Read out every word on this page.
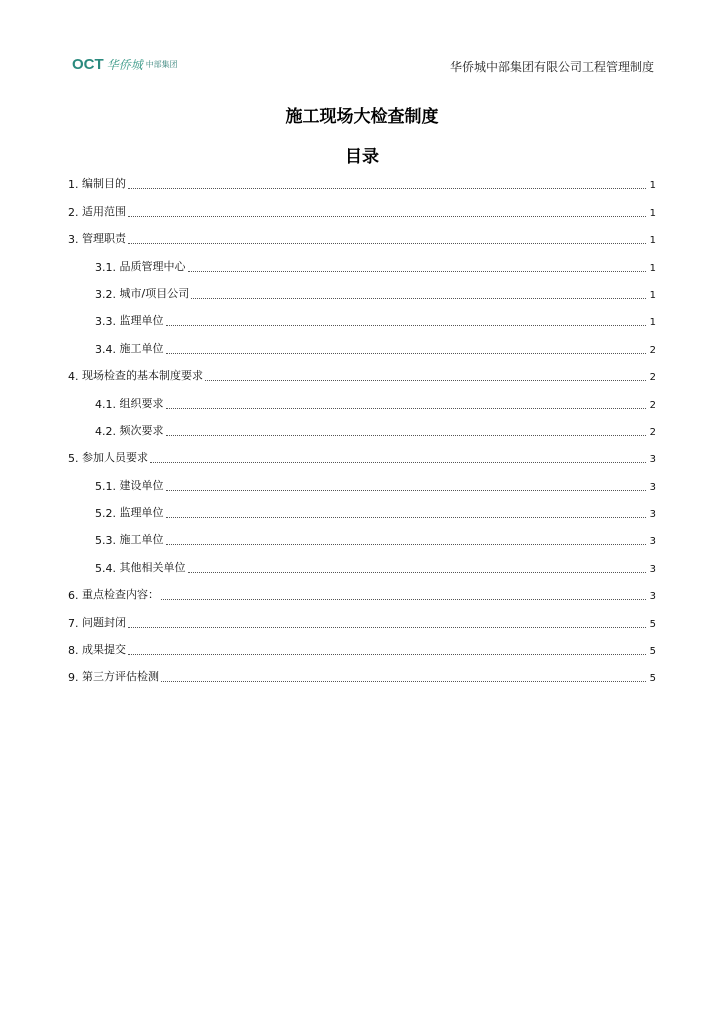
OCT 华侨城 中部集团	华侨城中部集团有限公司工程管理制度
施工现场大检查制度
目录
1. 编制目的	1
2. 适用范围	1
3. 管理职责	1
3.1. 品质管理中心	1
3.2. 城市/项目公司	1
3.3. 监理单位	1
3.4. 施工单位	2
4. 现场检查的基本制度要求	2
4.1. 组织要求	2
4.2. 频次要求	2
5. 参加人员要求	3
5.1. 建设单位	3
5.2. 监理单位	3
5.3. 施工单位	3
5.4. 其他相关单位	3
6. 重点检查内容：	3
7. 问题封闭	5
8. 成果提交	5
9. 第三方评估检测	5
